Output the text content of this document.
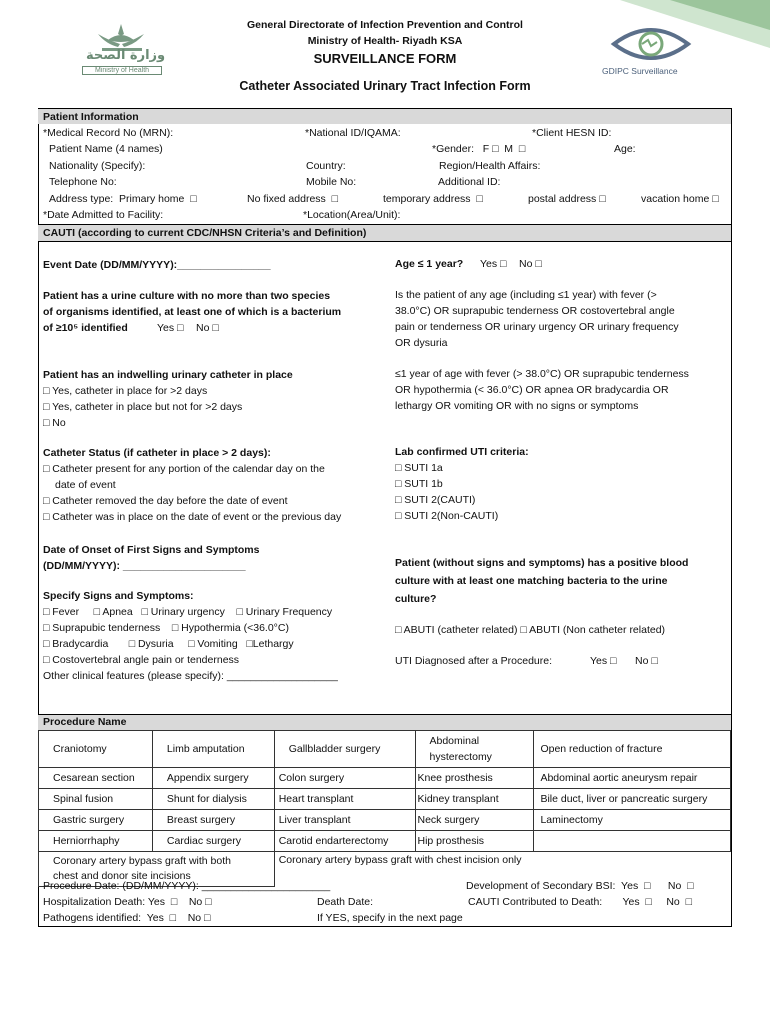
وزارة الصحة
Ministry of Health	GDIPC Surveillance
General Directorate of Infection Prevention and Control
Ministry of Health- Riyadh KSA
SURVEILLANCE FORM
Catheter Associated Urinary Tract Infection Form
Patient Information
*Medical Record No (MRN):	*National ID/IQAMA:	*Client HESN ID:
Patient Name (4 names)	*Gender:   F □  M  □	Age:
Nationality (Specify):	Country:	Region/Health Affairs:
Telephone No:	Mobile No:	Additional ID:
Address type:  Primary home  □	No fixed address  □	temporary address  □	postal address □	vacation home □
*Date Admitted to Facility:	*Location(Area/Unit):
CAUTI (according to current CDC/NHSN Criteria’s and Definition)
Event Date (DD/MM/YYYY):________________	Age ≤ 1 year? Yes □ No □
Patient has a urine culture with no more than two species
of organisms identified, at least one of which is a bacterium
of ≥10⁵ identified	Yes □ No □
Is the patient of any age (including ≤1 year) with fever (>
38.0°C) OR suprapubic tenderness OR costovertebral angle
pain or tenderness OR urinary urgency OR urinary frequency
OR dysuria
Patient has an indwelling urinary catheter in place
□ Yes, catheter in place for >2 days
□ Yes, catheter in place but not for >2 days
□ No
≤1 year of age with fever (> 38.0°C) OR suprapubic tenderness
OR hypothermia (< 36.0°C) OR apnea OR bradycardia OR
lethargy OR vomiting OR with no signs or symptoms
Catheter Status (if catheter in place > 2 days):
□ Catheter present for any portion of the calendar day on the
date of event
□ Catheter removed the day before the date of event
□ Catheter was in place on the date of event or the previous day
Lab confirmed UTI criteria:
□ SUTI 1a
□ SUTI 1b
□ SUTI 2(CAUTI)
□ SUTI 2(Non-CAUTI)
Date of Onset of First Signs and Symptoms
(DD/MM/YYYY): _____________________	Patient (without signs and symptoms) has a positive blood
culture with at least one matching bacteria to the urine
culture?
Specify Signs and Symptoms:
□ Fever     □ Apnea   □ Urinary urgency    □ Urinary Frequency
□ Suprapubic tenderness    □ Hypothermia (<36.0°C)
□ Bradycardia       □ Dysuria     □ Vomiting   □Lethargy
□ Costovertebral angle pain or tenderness
Other clinical features (please specify): ___________________
□ ABUTI (catheter related) □ ABUTI (Non catheter related)
UTI Diagnosed after a Procedure:	Yes □ No □
Procedure Name
Craniotomy	Limb amputation	Gallbladder surgery	Abdominal hysterectomy	Open reduction of fracture
Cesarean section	Appendix surgery	Colon surgery	Knee prosthesis	Abdominal aortic aneurysm repair
Spinal fusion	Shunt for dialysis	Heart transplant	Kidney transplant	Bile duct, liver or pancreatic surgery
Gastric surgery	Breast surgery	Liver transplant	Neck surgery	Laminectomy
Herniorrhaphy	Cardiac surgery	Carotid endarterectomy	Hip prosthesis	
Coronary artery bypass graft with both chest and donor site incisions		Coronary artery bypass graft with chest incision only		
Procedure Date: (DD/MM/YYYY): ______________________	Development of Secondary BSI:  Yes  □      No  □
Hospitalization Death: Yes  □    No □	Death Date:	CAUTI Contributed to Death:       Yes  □     No  □
Pathogens identified:  Yes  □    No □	If YES, specify in the next page
